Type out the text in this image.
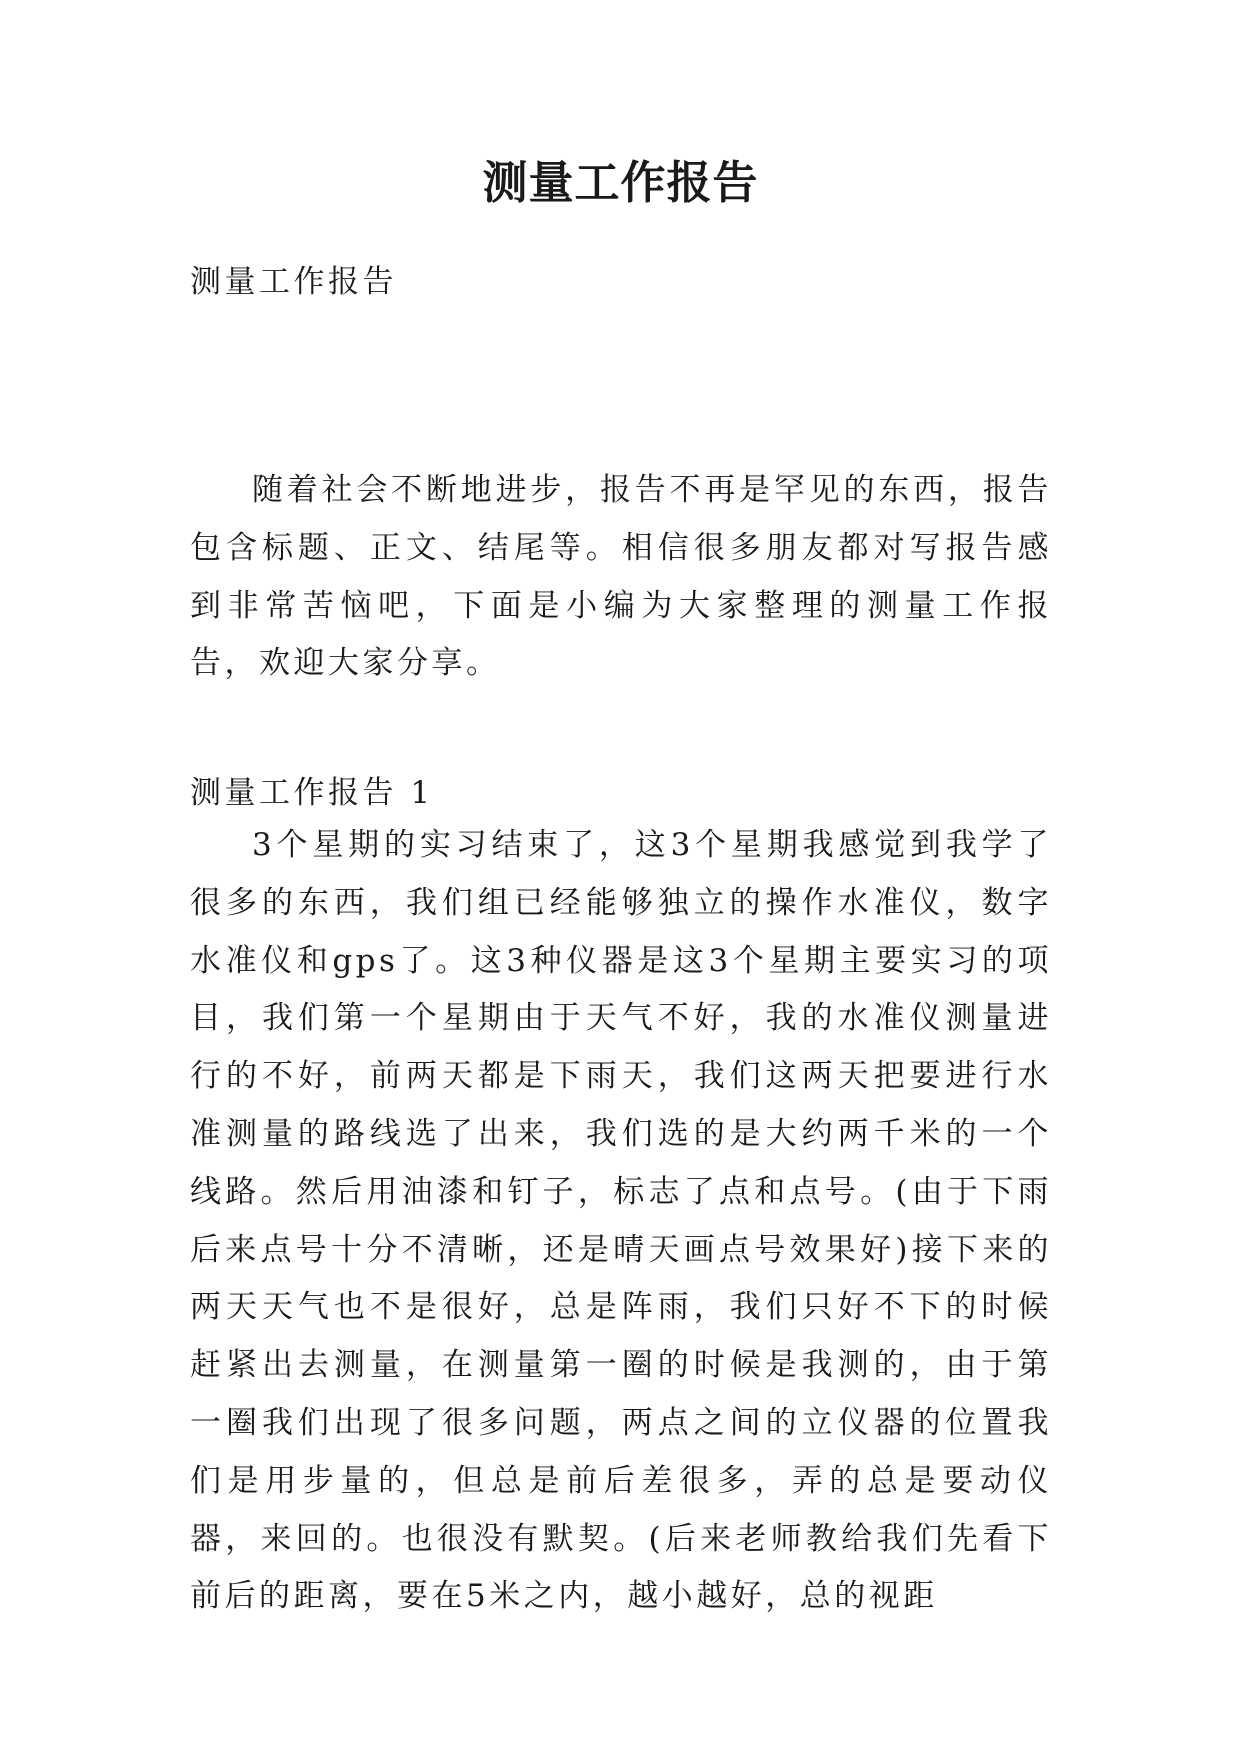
测量工作报告

测量工作报告

随着社会不断地进步，报告不再是罕见的东西，报告包含标题、正文、结尾等。相信很多朋友都对写报告感到非常苦恼吧，下面是小编为大家整理的测量工作报告，欢迎大家分享。

测量工作报告 1

3个星期的实习结束了，这3个星期我感觉到我学了很多的东西，我们组已经能够独立的操作水准仪，数字水准仪和gps了。这3种仪器是这3个星期主要实习的项目，我们第一个星期由于天气不好，我的水准仪测量进行的不好，前两天都是下雨天，我们这两天把要进行水准测量的路线选了出来，我们选的是大约两千米的一个线路。然后用油漆和钉子，标志了点和点号。(由于下雨后来点号十分不清晰，还是晴天画点号效果好)接下来的两天天气也不是很好，总是阵雨，我们只好不下的时候赶紧出去测量，在测量第一圈的时候是我测的，由于第一圈我们出现了很多问题，两点之间的立仪器的位置我们是用步量的，但总是前后差很多，弄的总是要动仪器，来回的。也很没有默契。(后来老师教给我们先看下前后的距离，要在5米之内，越小越好，总的视距
